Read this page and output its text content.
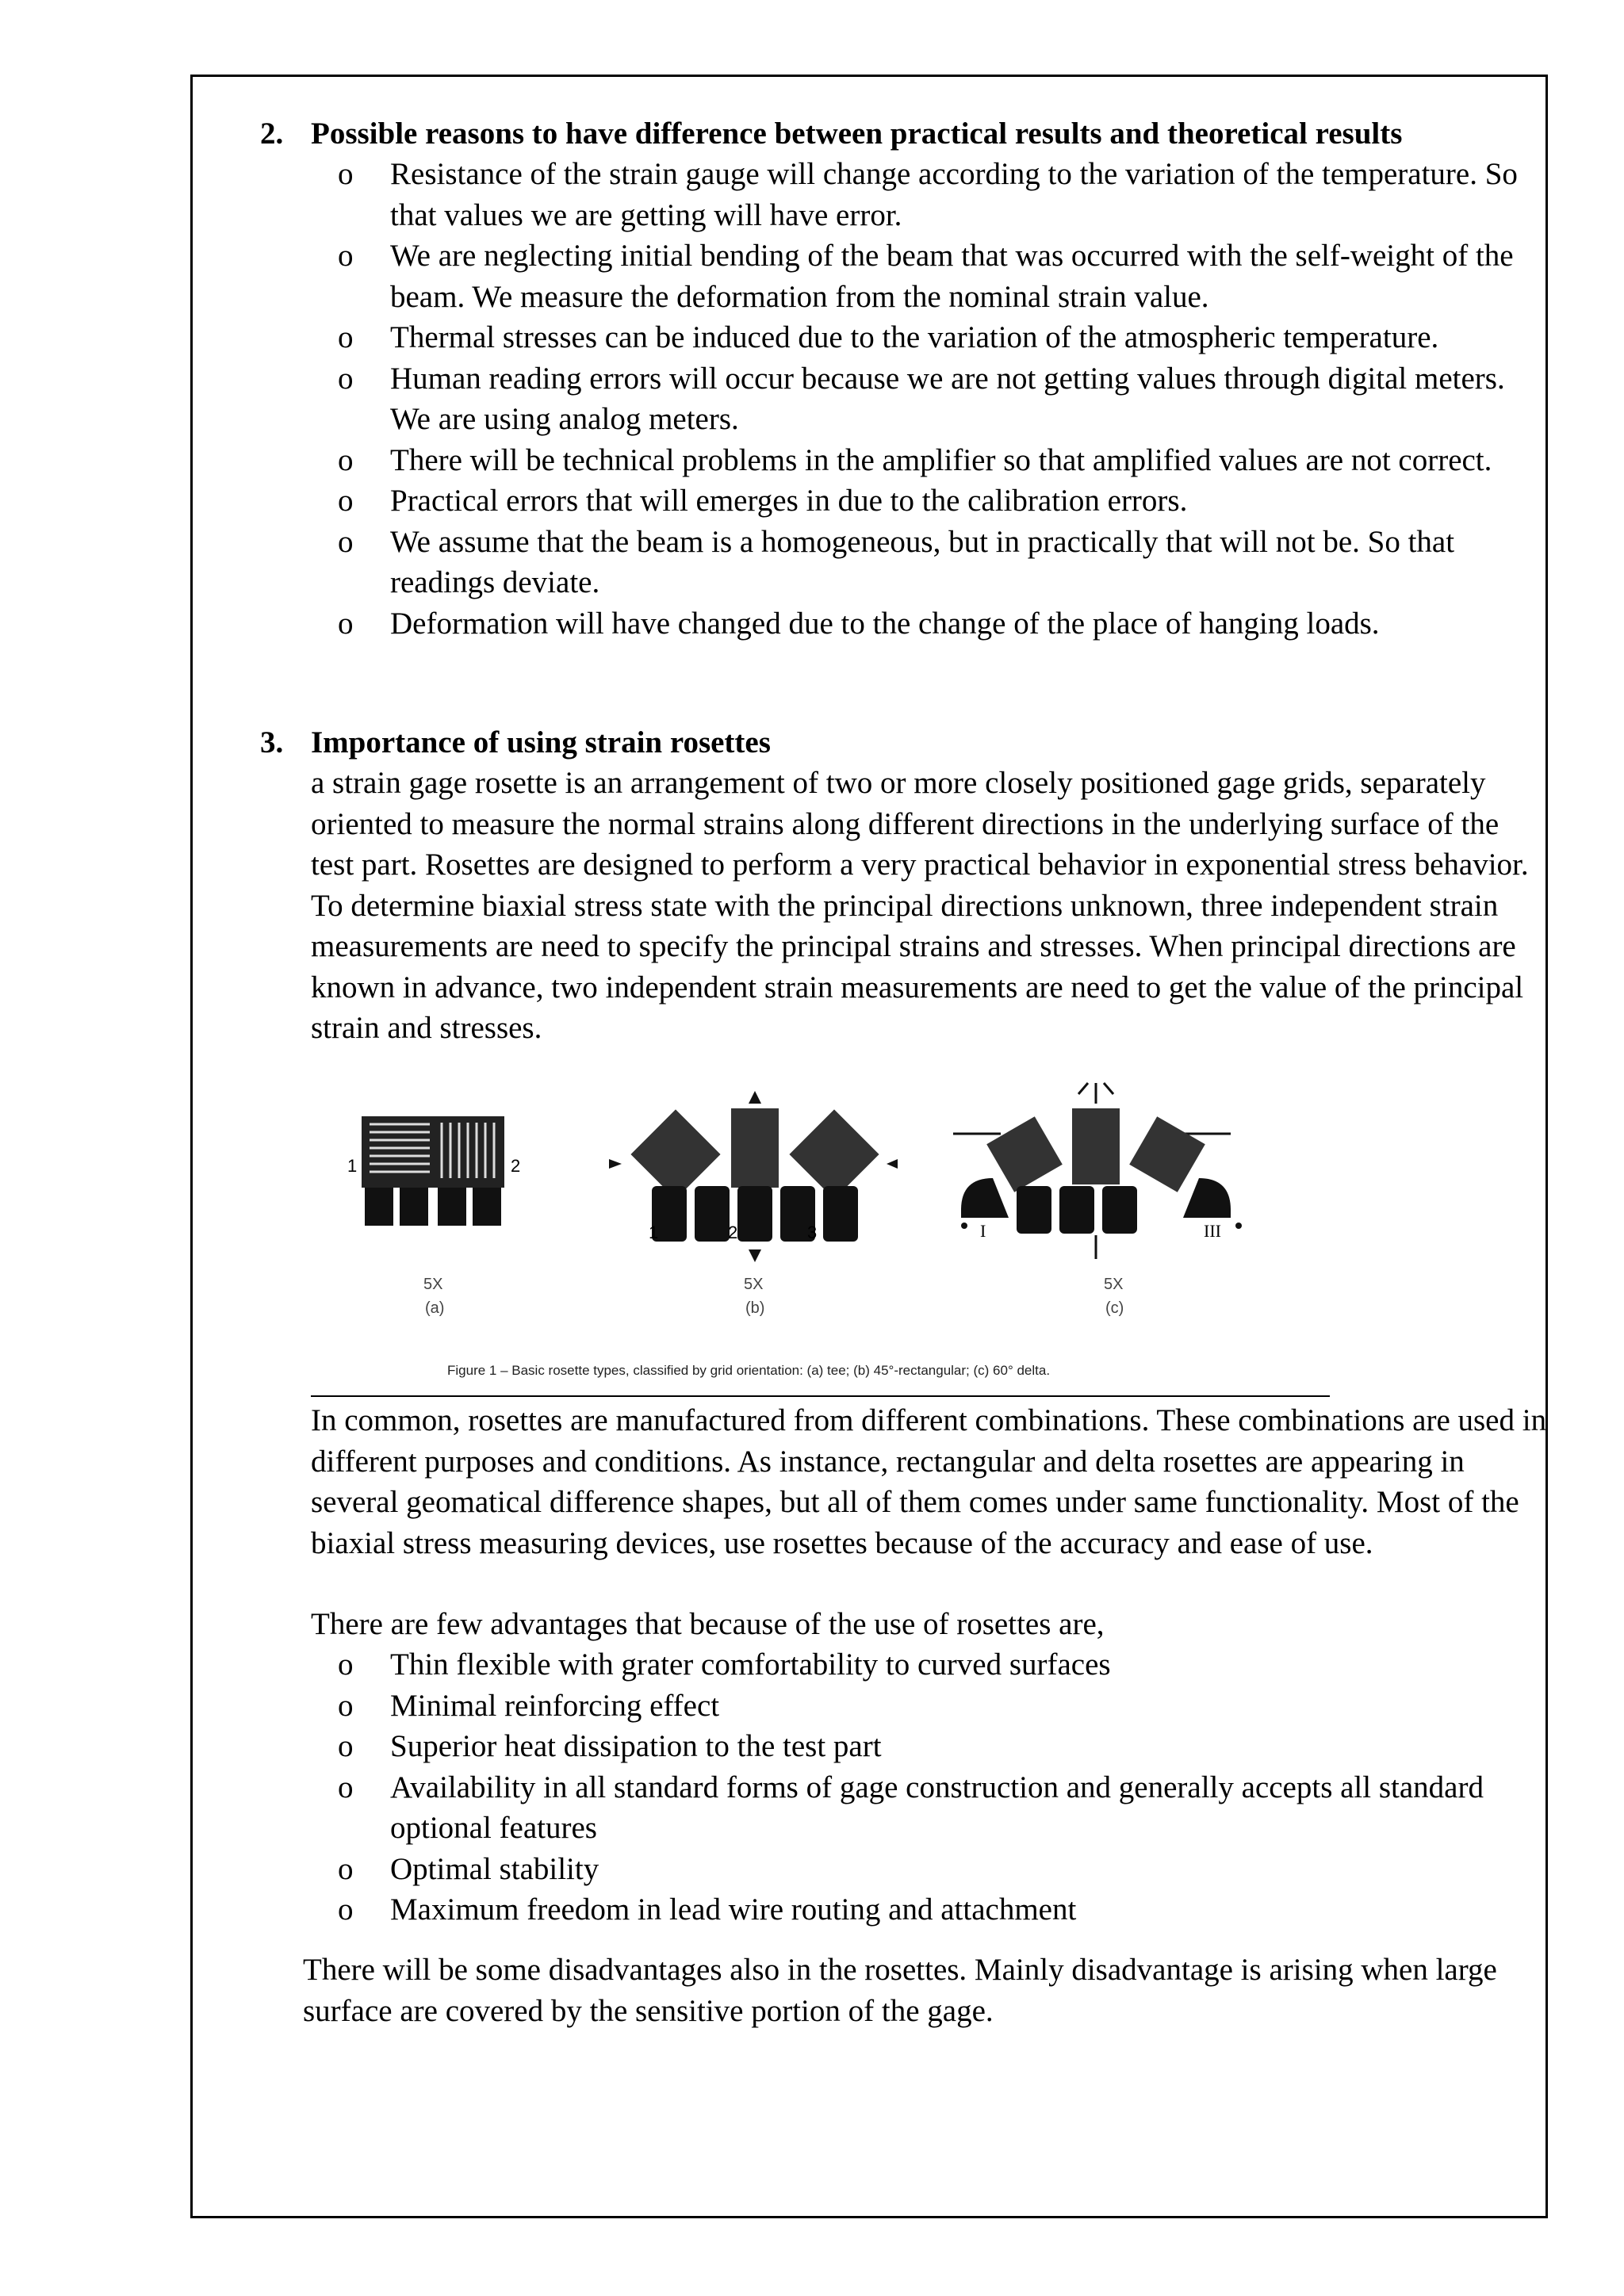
2. Possible reasons to have difference between practical results and theoretical results
o Resistance of the strain gauge will change according to the variation of the temperature. So that values we are getting will have error.
o We are neglecting initial bending of the beam that was occurred with the self-weight of the beam. We measure the deformation from the nominal strain value.
o Thermal stresses can be induced due to the variation of the atmospheric temperature.
o Human reading errors will occur because we are not getting values through digital meters. We are using analog meters.
o There will be technical problems in the amplifier so that amplified values are not correct.
o Practical errors that will emerges in due to the calibration errors.
o We assume that the beam is a homogeneous, but in practically that will not be. So that readings deviate.
o Deformation will have changed due to the change of the place of hanging loads.
3. Importance of using strain rosettes

a strain gage rosette is an arrangement of two or more closely positioned gage grids, separately oriented to measure the normal strains along different directions in the underlying surface of the test part. Rosettes are designed to perform a very practical behavior in exponential stress behavior. To determine biaxial stress state with the principal directions unknown, three independent strain measurements are need to specify the principal strains and stresses. When principal directions are known in advance, two independent strain measurements are need to get the value of the principal strain and stresses.

1	2
5X
(a)
1	2	3
5X
(b)
I	III
5X
(c)
Figure 1 – Basic rosette types, classified by grid orientation: (a) tee; (b) 45°-rectangular; (c) 60° delta.

In common, rosettes are manufactured from different combinations. These combinations are used in different purposes and conditions. As instance, rectangular and delta rosettes are appearing in several geomatical difference shapes, but all of them comes under same functionality. Most of the biaxial stress measuring devices, use rosettes because of the accuracy and ease of use.

There are few advantages that because of the use of rosettes are,

o Thin flexible with grater comfortability to curved surfaces
o Minimal reinforcing effect
o Superior heat dissipation to the test part
o Availability in all standard forms of gage construction and generally accepts all standard optional features
o Optimal stability
o Maximum freedom in lead wire routing and attachment

There will be some disadvantages also in the rosettes. Mainly disadvantage is arising when large surface are covered by the sensitive portion of the gage.
